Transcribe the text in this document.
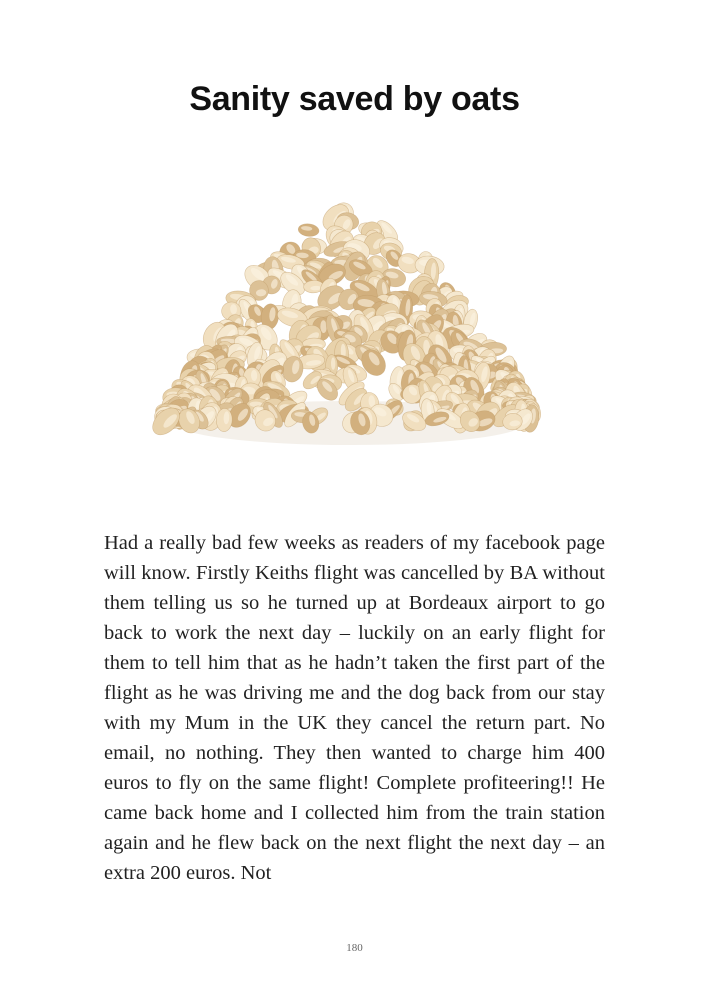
Sanity saved by oats

Had a really bad few weeks as readers of my facebook page will know. Firstly Keiths flight was cancelled by BA without them telling us so he turned up at Bordeaux airport to go back to work the next day – luckily on an early flight for them to tell him that as he hadn’t taken the first part of the flight as he was driving me and the dog back from our stay with my Mum in the UK they cancel the return part. No email, no nothing. They then wanted to charge him 400 euros to fly on the same flight! Complete profiteering!! He came back home and I collected him from the train station again and he flew back on the next flight the next day – an extra 200 euros. Not

180
